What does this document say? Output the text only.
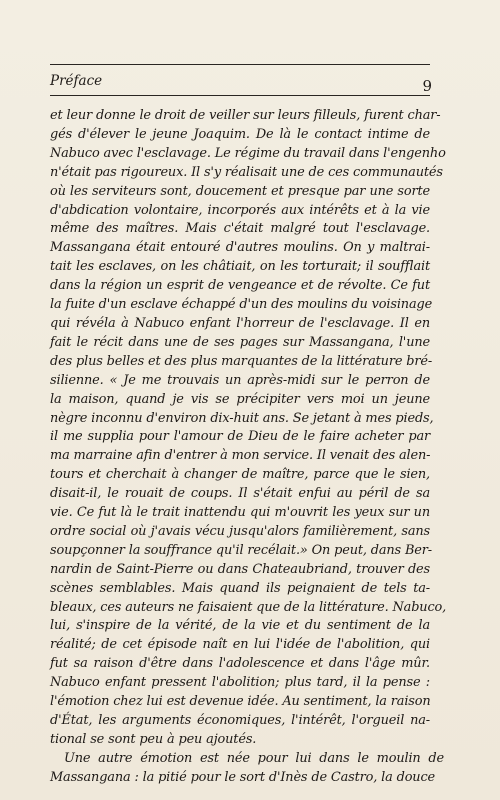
Préface	9
et leur donne le droit de veiller sur leurs filleuls, furent char-
gés d'élever le jeune Joaquim. De là le contact intime de
Nabuco avec l'esclavage. Le régime du travail dans l'engenho
n'était pas rigoureux. Il s'y réalisait une de ces communautés
où les serviteurs sont, doucement et presque par une sorte
d'abdication volontaire, incorporés aux intérêts et à la vie
même des maîtres. Mais c'était malgré tout l'esclavage.
Massangana était entouré d'autres moulins. On y maltrai-
tait les esclaves, on les châtiait, on les torturait; il soufflait
dans la région un esprit de vengeance et de révolte. Ce fut
la fuite d'un esclave échappé d'un des moulins du voisinage
qui révéla à Nabuco enfant l'horreur de l'esclavage. Il en
fait le récit dans une de ses pages sur Massangana, l'une
des plus belles et des plus marquantes de la littérature bré-
silienne. « Je me trouvais un après-midi sur le perron de
la maison, quand je vis se précipiter vers moi un jeune
nègre inconnu d'environ dix-huit ans. Se jetant à mes pieds,
il me supplia pour l'amour de Dieu de le faire acheter par
ma marraine afin d'entrer à mon service. Il venait des alen-
tours et cherchait à changer de maître, parce que le sien,
disait-il, le rouait de coups. Il s'était enfui au péril de sa
vie. Ce fut là le trait inattendu qui m'ouvrit les yeux sur un
ordre social où j'avais vécu jusqu'alors familièrement, sans
soupçonner la souffrance qu'il recélait.» On peut, dans Ber-
nardin de Saint-Pierre ou dans Chateaubriand, trouver des
scènes semblables. Mais quand ils peignaient de tels ta-
bleaux, ces auteurs ne faisaient que de la littérature. Nabuco,
lui, s'inspire de la vérité, de la vie et du sentiment de la
réalité; de cet épisode naît en lui l'idée de l'abolition, qui
fut sa raison d'être dans l'adolescence et dans l'âge mûr.
Nabuco enfant pressent l'abolition; plus tard, il la pense :
l'émotion chez lui est devenue idée. Au sentiment, la raison
d'État, les arguments économiques, l'intérêt, l'orgueil na-
tional se sont peu à peu ajoutés.
Une autre émotion est née pour lui dans le moulin de
Massangana : la pitié pour le sort d'Inès de Castro, la douce
